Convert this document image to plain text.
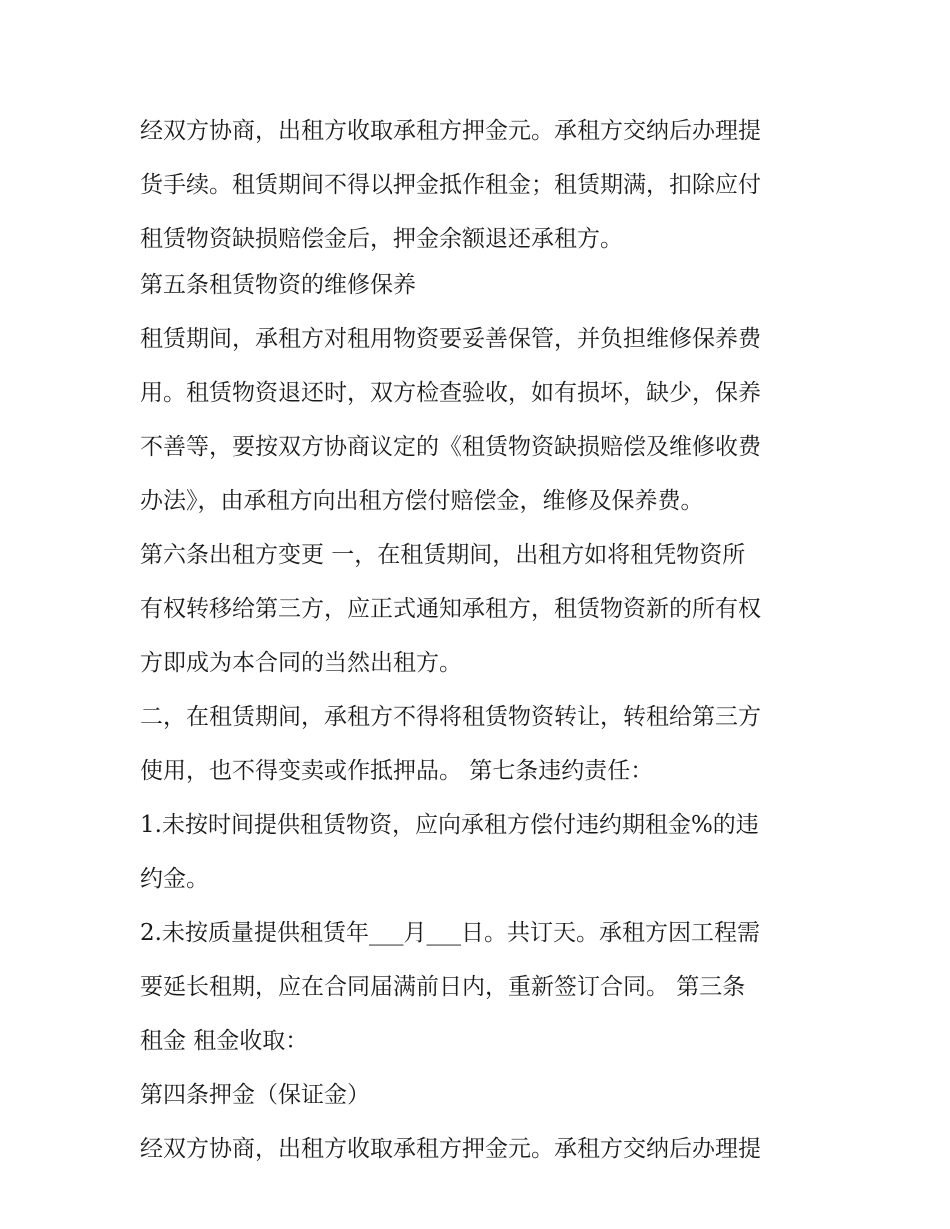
经双方协商，出租方收取承租方押金元。承租方交纳后办理提
货手续。租赁期间不得以押金抵作租金；租赁期满，扣除应付
租赁物资缺损赔偿金后，押金余额退还承租方。
第五条租赁物资的维修保养
租赁期间，承租方对租用物资要妥善保管，并负担维修保养费
用。租赁物资退还时，双方检查验收，如有损坏，缺少，保养
不善等，要按双方协商议定的《租赁物资缺损赔偿及维修收费
办法》，由承租方向出租方偿付赔偿金，维修及保养费。
第六条出租方变更 一，在租赁期间，出租方如将租凭物资所
有权转移给第三方，应正式通知承租方，租赁物资新的所有权
方即成为本合同的当然出租方。
二，在租赁期间，承租方不得将租赁物资转让，转租给第三方
使用，也不得变卖或作抵押品。 第七条违约责任：
1.未按时间提供租赁物资，应向承租方偿付违约期租金%的违
约金。
2.未按质量提供租赁年___月___日。共订天。承租方因工程需
要延长租期，应在合同届满前日内，重新签订合同。 第三条
租金 租金收取：
第四条押金（保证金）
经双方协商，出租方收取承租方押金元。承租方交纳后办理提
